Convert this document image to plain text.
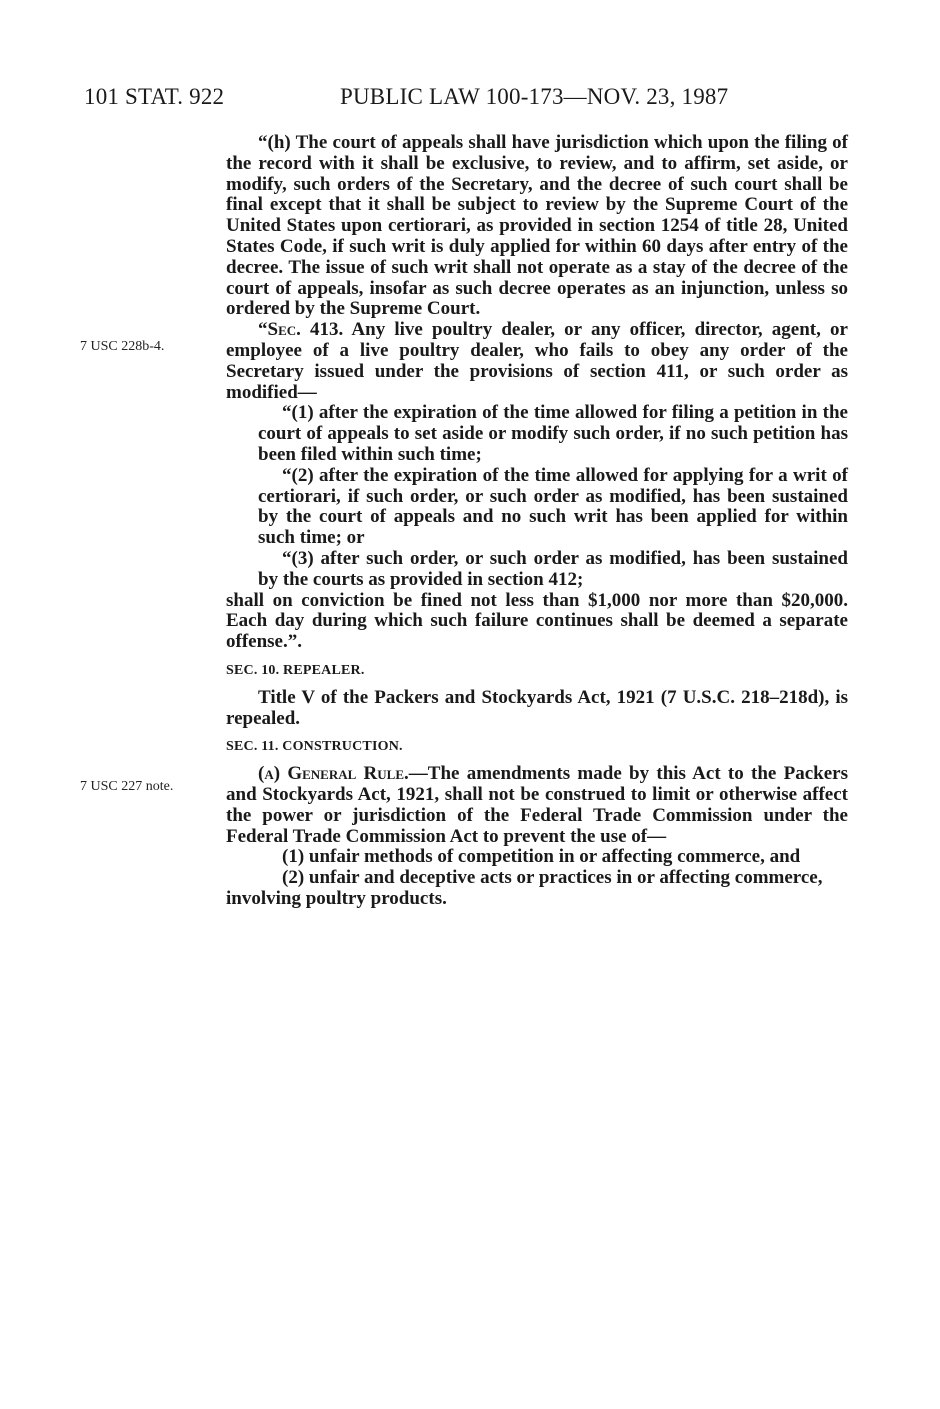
101 STAT. 922	PUBLIC LAW 100-173—NOV. 23, 1987
7 USC 228b-4.
7 USC 227 note.

“(h) The court of appeals shall have jurisdiction which upon the filing of the record with it shall be exclusive, to review, and to affirm, set aside, or modify, such orders of the Secretary, and the decree of such court shall be final except that it shall be subject to review by the Supreme Court of the United States upon certiorari, as provided in section 1254 of title 28, United States Code, if such writ is duly applied for within 60 days after entry of the decree. The issue of such writ shall not operate as a stay of the decree of the court of appeals, insofar as such decree operates as an injunction, unless so ordered by the Supreme Court.

“Sec. 413. Any live poultry dealer, or any officer, director, agent, or employee of a live poultry dealer, who fails to obey any order of the Secretary issued under the provisions of section 411, or such order as modified—

“(1) after the expiration of the time allowed for filing a petition in the court of appeals to set aside or modify such order, if no such petition has been filed within such time;

“(2) after the expiration of the time allowed for applying for a writ of certiorari, if such order, or such order as modified, has been sustained by the court of appeals and no such writ has been applied for within such time; or

“(3) after such order, or such order as modified, has been sustained by the courts as provided in section 412;

shall on conviction be fined not less than $1,000 nor more than $20,000. Each day during which such failure continues shall be deemed a separate offense.”.

SEC. 10. REPEALER.

Title V of the Packers and Stockyards Act, 1921 (7 U.S.C. 218–218d), is repealed.

SEC. 11. CONSTRUCTION.

(a) General Rule.—The amendments made by this Act to the Packers and Stockyards Act, 1921, shall not be construed to limit or otherwise affect the power or jurisdiction of the Federal Trade Commission under the Federal Trade Commission Act to prevent the use of—

(1) unfair methods of competition in or affecting commerce, and

(2) unfair and deceptive acts or practices in or affecting commerce,

involving poultry products.
